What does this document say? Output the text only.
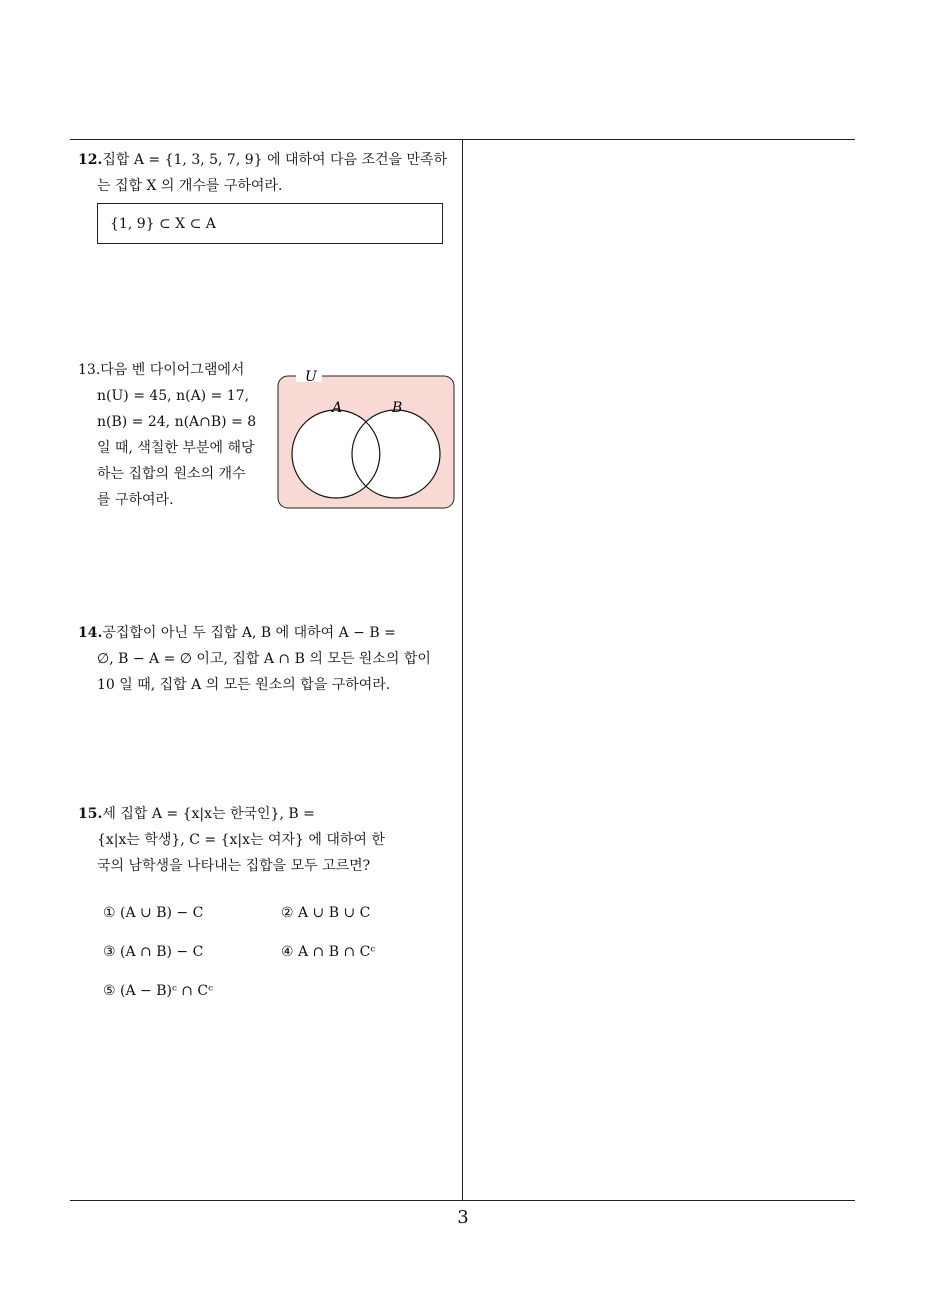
12.집합 A = {1, 3, 5, 7, 9} 에 대하여 다음 조건을 만족하
는 집합 X 의 개수를 구하여라.
{1, 9} ⊂ X ⊂ A
13.다음 벤 다이어그램에서
n(U) = 45, n(A) = 17,
n(B) = 24, n(A∩B) = 8
일 때, 색칠한 부분에 해당
하는 집합의 원소의 개수
를 구하여라.
U
A	B
14.공집합이 아닌 두 집합 A, B 에 대하여 A − B =
∅, B − A = ∅ 이고, 집합 A ∩ B 의 모든 원소의 합이
10 일 때, 집합 A 의 모든 원소의 합을 구하여라.
15.세 집합 A = {x|x는 한국인}, B =
{x|x는 학생}, C = {x|x는 여자} 에 대하여 한
국의 남학생을 나타내는 집합을 모두 고르면?
① (A ∪ B) − C	② A ∪ B ∪ C
③ (A ∩ B) − C	④ A ∩ B ∩ Cᶜ
⑤ (A − B)ᶜ ∩ Cᶜ
3
